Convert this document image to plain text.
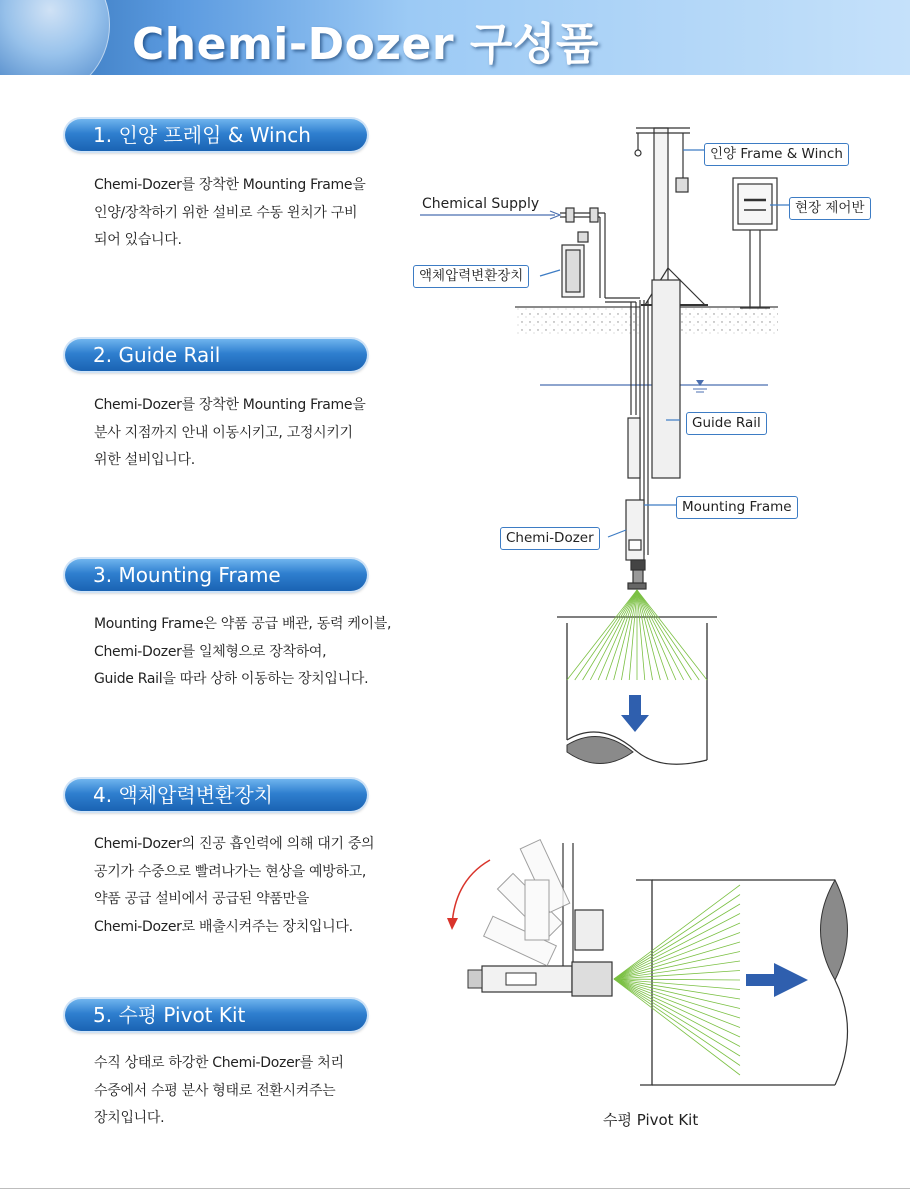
Chemi-Dozer 구성품
1. 인양 프레임 & Winch
Chemi-Dozer를 장착한 Mounting Frame을
인양/장착하기 위한 설비로 수동 윈치가 구비
되어 있습니다.
2. Guide Rail
Chemi-Dozer를 장착한 Mounting Frame을
분사 지점까지 안내 이동시키고, 고정시키기
위한 설비입니다.
3. Mounting Frame
Mounting Frame은 약품 공급 배관, 동력 케이블,
Chemi-Dozer를 일체형으로 장착하여,
Guide Rail을 따라 상하 이동하는 장치입니다.
4. 액체압력변환장치
Chemi-Dozer의 진공 흡인력에 의해 대기 중의
공기가 수중으로 빨려나가는 현상을 예방하고,
약품 공급 설비에서 공급된 약품만을
Chemi-Dozer로 배출시켜주는 장치입니다.
5. 수평 Pivot Kit
수직 상태로 하강한 Chemi-Dozer를 처리
수중에서 수평 분사 형태로 전환시켜주는
장치입니다.
인양 Frame & Winch
Chemical Supply	현장 제어반
액체압력변환장치
Guide Rail
Mounting Frame
Chemi-Dozer
수평 Pivot Kit
